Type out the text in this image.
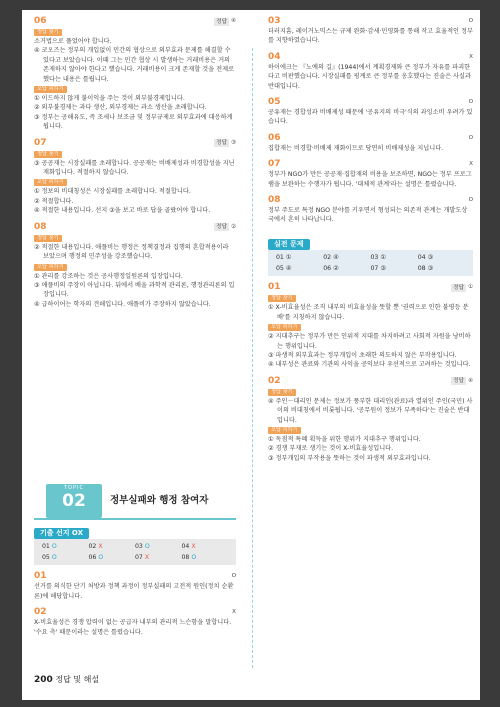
06	정답 ④
정답 찾기
소거법으로 풀었어야 합니다.
④ 코오즈는 정부의 개입없이 민간의 협상으로 외부효과 문제를 해결할 수 있다고 보았습니다. 이때 그는 민간 협상 시 발생하는 거래비용은 거의 존재하지 않아야 한다고 했습니다. 거래비용이 크게 존재할 것을 전제로 했다는 내용은 틀립니다.
오답 피하기
① 이드하지 않게 불이익을 주는 것이 외부불경제입니다.
② 외부불경제는 과다 생산, 외부경제는 과소 생산을 초래합니다.
③ 정부는 공해유도, 즉 조세나 보조금 및 정부규제로 외부효과에 대응하게 됩니다.
07	정답 ③
정답 찾기
③ 공공재는 시장실패를 초래합니다. 공공재는 비배제성과 비경합성을 지닌 재화입니다. 적절하지 않습니다.
오답 피하기
① 정보의 비대칭성은 시장실패를 초래합니다. 적절합니다.
② 적절합니다.
④ 적절한 내용입니다. 선지 ③을 보고 바로 답을 골랐어야 합니다.
08	정답 ②
정답 찾기
② 적절한 내용입니다. 애플비는 행정은 정책결정과 집행의 혼합적용이라 보았으며 행정의 민주성을 강조했습니다.
오답 피하기
① 관리를 강조하는 것은 공사행정일원론의 입장입니다.
③ 애플비의 주장이 아닙니다. 뒤에서 배울 과학적 관리론, 행정관리론의 입장입니다.
④ 급하이어는 학자의 견해입니다. 애플비가 주장하지 않았습니다.
TOPIC
02	정부실패와 행정 참여자
기출 선지 OX
01 O	02 X	03 O	04 X
05 O	06 O	07 X	08 O
01	O
선거를 의식한 단기 처방과 정책 과정이 정부실패의 고전적 원인(정치 순환론)에 해당합니다.
02	X
X-비효율성은 경쟁 압력이 없는 공급자 내부의 관리적 느슨함을 말합니다. '수요 측' 때문이라는 설명은 틀렸습니다.
03	O
더러지흠, 레이거노믹스는 규제 완화·감세·민영화를 통해 작고 효율적인 정부를 지향하였습니다.
04	X
하이에크는 『노예의 길』(1944)에서 계획경제와 큰 정부가 자유를 파괴한다고 비판했습니다. 시장실패를 핑계로 큰 정부를 옹호했다는 진술은 사실과 반대입니다.
05	O
공유재는 경합성과 비배제성 때문에 '공유지의 비극'식의 과잉소비 우려가 있습니다.
06	O
집합재는 비경합·비배제 재화이므로 당연히 비배제성을 지닙니다.
07	X
정부가 NGO가 만든 공공재·집합재의 비용을 보조하면, NGO는 정부 프로그램을 보완하는 수행자가 됩니다. '대체적 관계'라는 설명은 틀렸습니다.
08	O
정부 주도로 특정 NGO 분야를 키우면서 형성되는 의존적 관계는 개발도상국에서 흔히 나타납니다.
실전 문제
01 ①	02 ④	03 ①	04 ③
05 ④	06 ②	07 ③	08 ③
01	정답 ①
정답 찾기
① X-비효율성은 조직 내부의 비효율성을 뜻할 뿐 '권력으로 인한 불평등 분배'를 지칭하지 않습니다.
오답 피하기
② 지대추구는 정부가 만든 인위적 지대를 차지하려고 사회적 자원을 낭비하는 행위입니다.
③ 파생적 외부효과는 정부개입이 초래한 의도하지 않은 부작용입니다.
④ 내부성은 관료와 기관의 사익을 공익보다 우선적으로 고려하는 것입니다.
02	정답 ④
정답 찾기
④ 주인－대리인 문제는 정보가 풍부한 대리인(관료)과 열위인 주인(국민) 사이의 비대칭에서 비롯됩니다. '공무원이 정보가 부족하다'는 진술은 반대입니다.
오답 피하기
① 독점적 특혜 획득을 위한 행위가 지대추구 행위입니다.
② 경쟁 부재로 생기는 것이 X-비효율성입니다.
③ 정부개입의 부작용을 뜻하는 것이 파생적 외부효과입니다.
200 정답 및 해설
